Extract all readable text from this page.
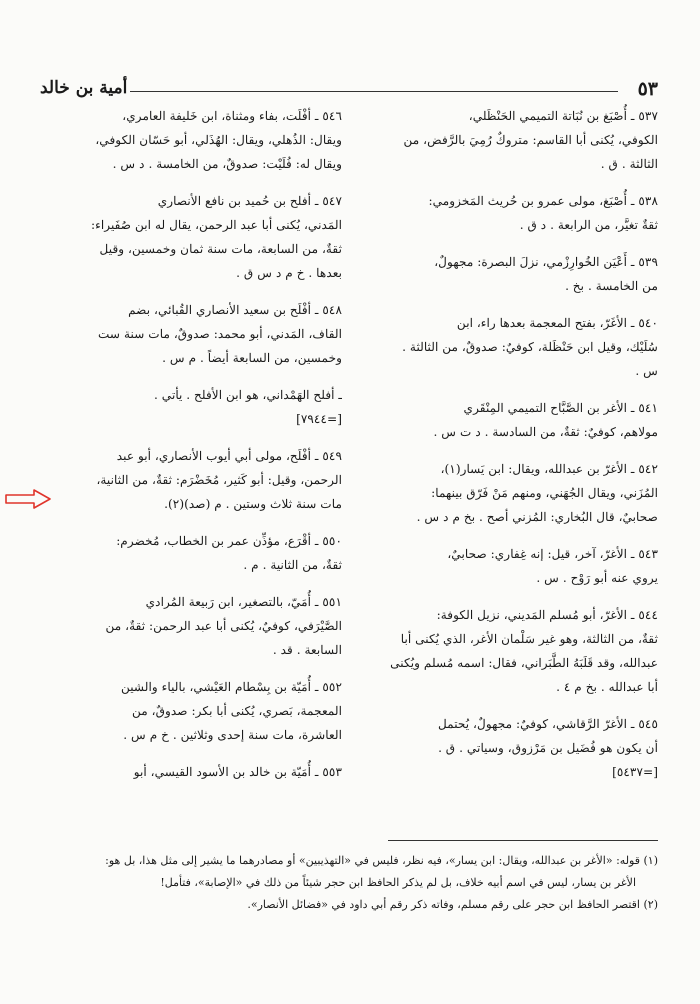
٥٣
أمية بن خالد

٥٣٧ ـ أُصْبَغ بن نُبَاتة التميمي الحَنْظَلي،

الكوفي، يُكنى أبا القاسم: متروكٌ رُمِيَ بالرَّفض، من

الثالثة . ق .

٥٣٨ ـ أُصْبَغ، مولى عمرو بن حُريث المَخزومي:

ثقةٌ تغيَّر، من الرابعة . د ق .

٥٣٩ ـ أَعْيَن الخُوارِزْمي، نزلَ البصرة: مجهولٌ،

من الخامسة . بخ .

٥٤٠ ـ الأغَرّ، بفتح المعجمة بعدها راء، ابن

سُلَيْك، وقيل ابن حَنْظَلة، كوفيٌ: صدوقٌ، من الثالثة .

س .

٥٤١ ـ الأغر بن الصَّبَّاح التميمي المِنْقَري

مولاهم، كوفيٌ: ثقةٌ، من السادسة . د ت س .

٥٤٢ ـ الأغرّ بن عبدالله، ويقال: ابن يَسار(١)،

المُزَني، ويقال الجُهَني، ومنهم مَنْ فَرّق بينهما:

صحابيٌ، قال البُخاري: المُزني أصح . بخ م د س .

٥٤٣ ـ الأغرّ، آخر، قيل: إنه غِفاري: صحابيٌ،

يروي عنه أبو رَوْح . س .

٥٤٤ ـ الأغرّ، أبو مُسلم المَديني، نزيل الكوفة:

ثقةٌ، من الثالثة، وهو غير سَلْمان الأغر، الذي يُكنى أبا

عبدالله، وقد قَلَبَهُ الطَّبَراني، فقال: اسمه مُسلم ويُكنى

أبا عبدالله . بخ م ٤ .

٥٤٥ ـ الأغرّ الرَّقاشي، كوفيٌ: مجهولٌ، يُحتمل

أن يكون هو فُضَيل بن مَرْزوق، وسياتي . ق .

[=٥٤٣٧]

٥٤٦ ـ أفْلَت، بفاء ومثناة، ابن خَليفة العامري،

ويقال: الذُهلي، ويقال: الهُذَلي، أبو حَسّان الكوفي،

ويقال له: فُلَيْت: صدوقٌ، من الخامسة . د س .

٥٤٧ ـ أفلح بن حُميد بن نافع الأنصاري

المَدني، يُكنى أبا عبد الرحمن، يقال له ابن صُفَيراء:

ثقةٌ، من السابعة، مات سنة ثمان وخمسين، وقيل

بعدها . خ م د س ق .

٥٤٨ ـ أفْلَح بن سعيد الأنصاري القُبائي، بضم

القاف، المَدني، أبو محمد: صدوقٌ، مات سنة ست

وخمسين، من السابعة أيضاً . م س .

ـ أفلح الهَمْداني، هو ابن الأفلح . يأتي .

[=٧٩٤٤]

٥٤٩ ـ أفْلَح، مولى أبي أيوب الأنصاري، أبو عبد

الرحمن، وقيل: أبو كَثير، مُخَضْرَم: ثقةٌ، من الثانية،

مات سنة ثلاث وستين . م (صد)(٢).

٥٥٠ ـ أقْرَع، مؤذِّن عمر بن الخطاب، مُخضرم:

ثقةٌ، من الثانية . م .

٥٥١ ـ أُمَيّ، بالتصغير، ابن رَبيعة المُرادي

الصَّيْرَفي، كوفيٌ، يُكنى أبا عبد الرحمن: ثقةٌ، من

السابعة . قد .

٥٥٢ ـ أُمَيّة بن بِسْطام العَيْشي، بالياء والشين

المعجمة، بَصري، يُكنى أبا بكر: صدوقٌ، من

العاشرة، مات سنة إحدى وثلاثين . خ م س .

٥٥٣ ـ أُمَيّة بن خالد بن الأسود القيسي، أبو

(١) قوله: «الأغر بن عبدالله، ويقال: ابن يسار»، فيه نظر، فليس في «التهذيبين» أو مصادرهما ما يشير إلى مثل هذا، بل هو:

الأغر بن يسار، ليس في اسم أبيه خلاف، بل لم يذكر الحافظ ابن حجر شيئاً من ذلك في «الإصابة»، فتأمل!

(٢) اقتصر الحافظ ابن حجر على رقم مسلم، وفاته ذكر رقم أبي داود في «فضائل الأنصار».
